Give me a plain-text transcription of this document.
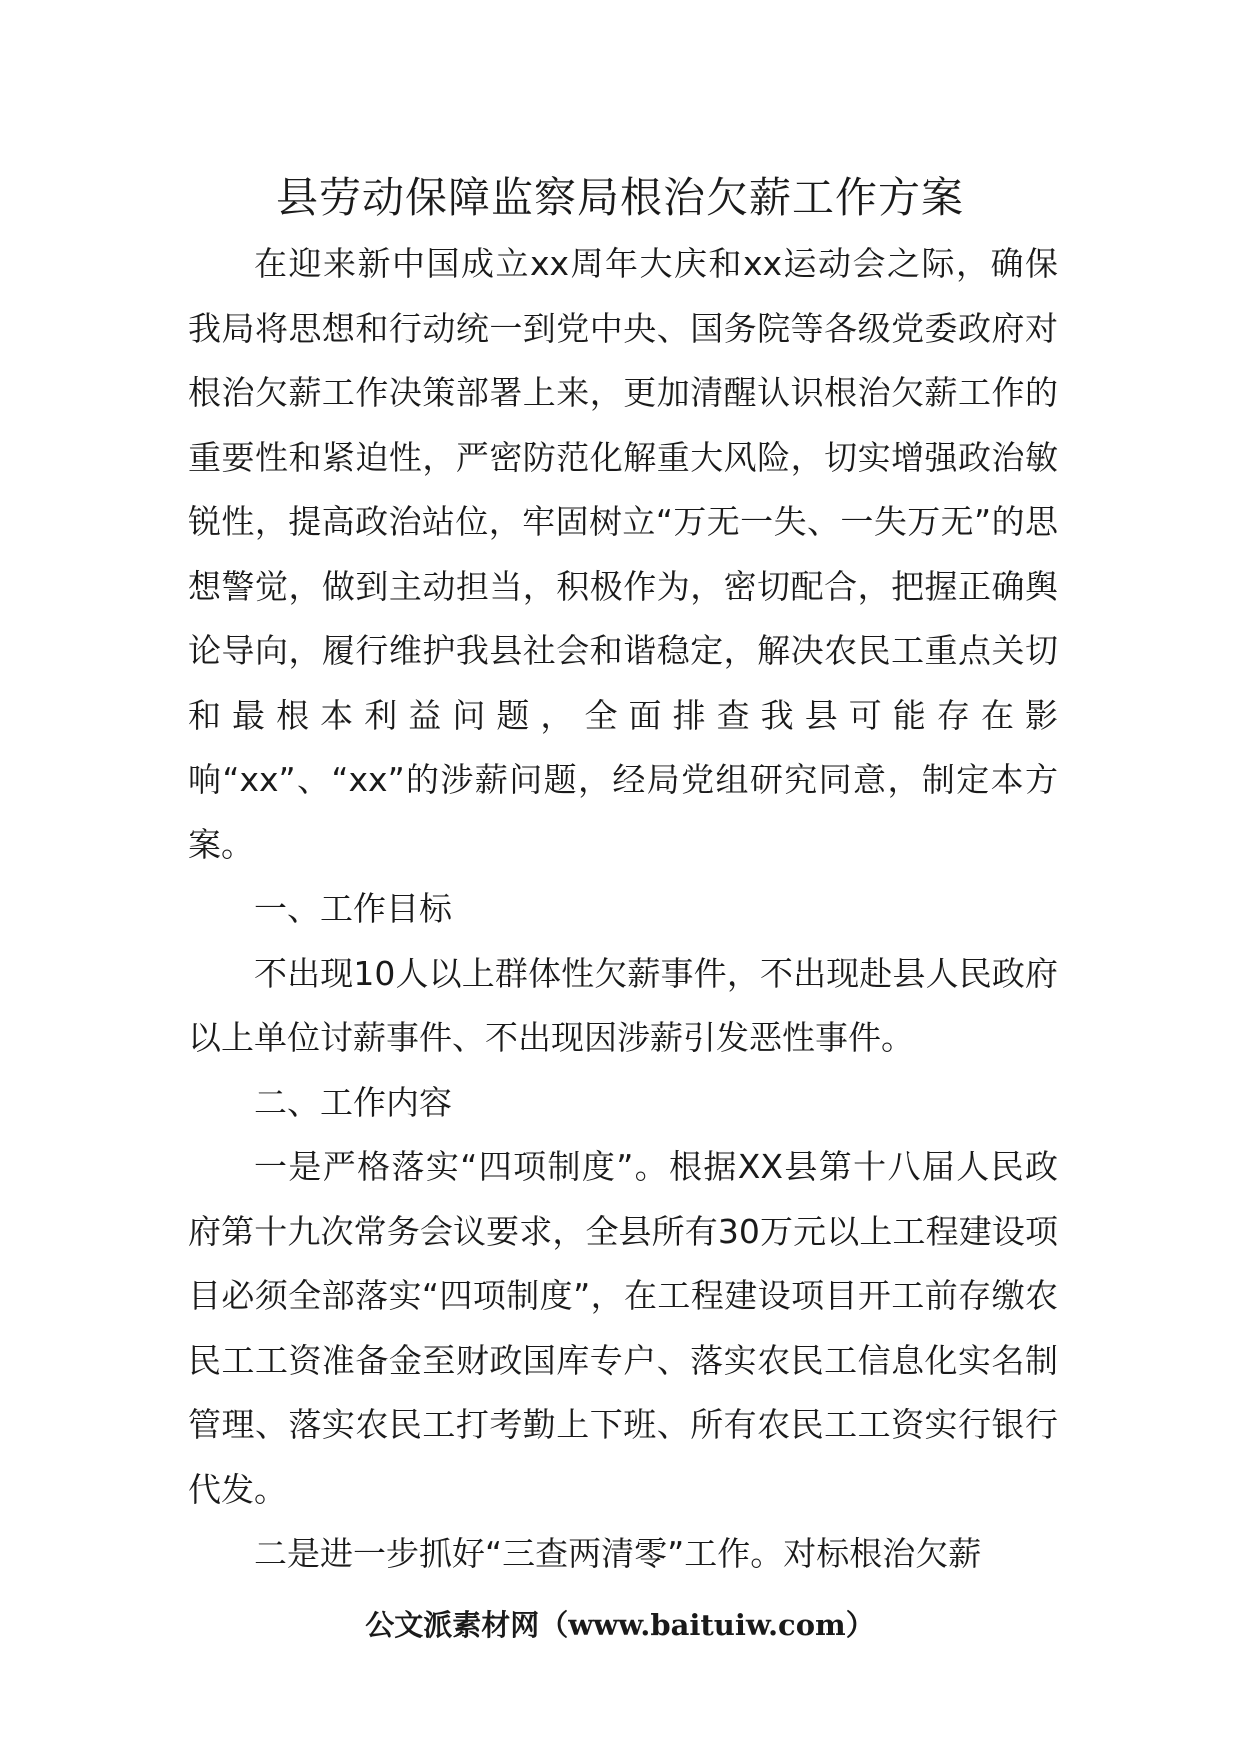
县劳动保障监察局根治欠薪工作方案

在迎来新中国成立xx周年大庆和xx运动会之际，确保我局将思想和行动统一到党中央、国务院等各级党委政府对根治欠薪工作决策部署上来，更加清醒认识根治欠薪工作的重要性和紧迫性，严密防范化解重大风险，切实增强政治敏锐性，提高政治站位，牢固树立“万无一失、一失万无”的思想警觉，做到主动担当，积极作为，密切配合，把握正确舆论导向，履行维护我县社会和谐稳定，解决农民工重点关切和最根本利益问题，全面排查我县可能存在影响“xx”、“xx”的涉薪问题，经局党组研究同意，制定本方案。

一、工作目标

不出现10人以上群体性欠薪事件，不出现赴县人民政府以上单位讨薪事件、不出现因涉薪引发恶性事件。

二、工作内容

一是严格落实“四项制度”。根据XX县第十八届人民政府第十九次常务会议要求，全县所有30万元以上工程建设项目必须全部落实“四项制度”，在工程建设项目开工前存缴农民工工资准备金至财政国库专户、落实农民工信息化实名制管理、落实农民工打考勤上下班、所有农民工工资实行银行代发。

二是进一步抓好“三查两清零”工作。对标根治欠薪

公文派素材网（www.baituiw.com）
